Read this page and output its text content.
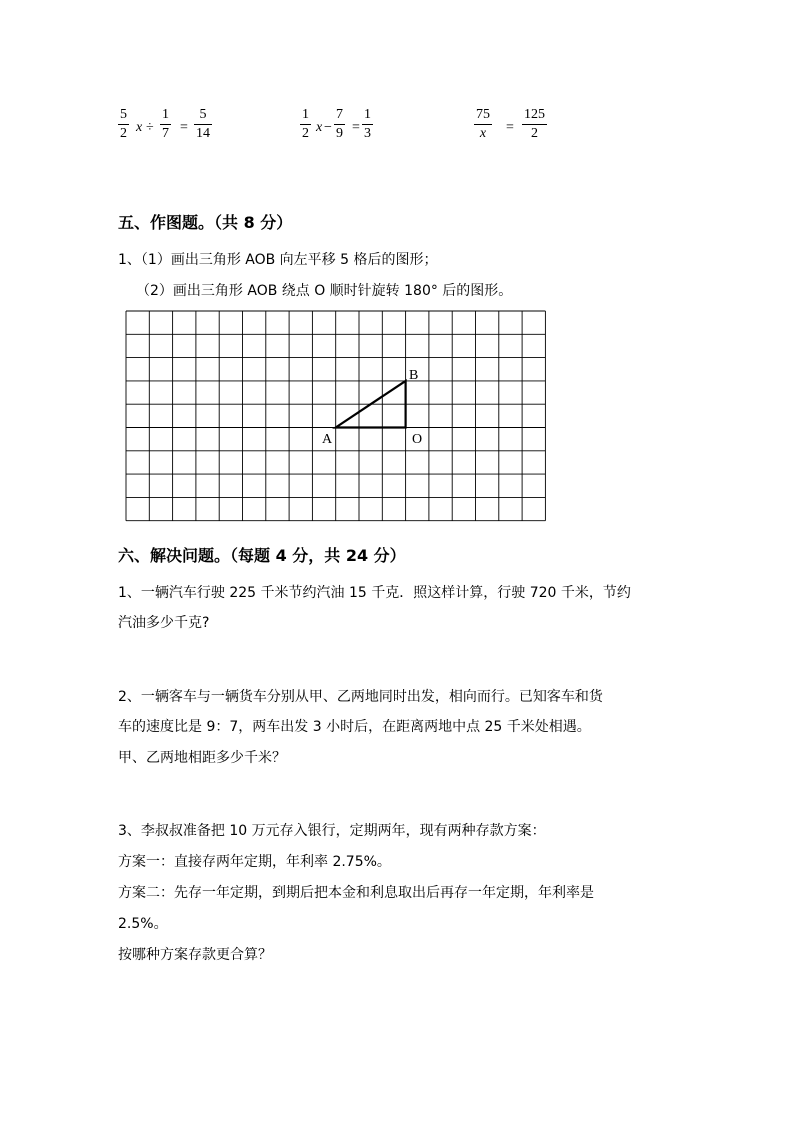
$\frac{5}{2}$ $x \div \frac{1}{7} = \frac{5}{14}$	$\frac{1}{2}$ $x - \frac{7}{9} = \frac{1}{3}$	$\frac{75}{x} = \frac{125}{2}$
五、作图题。（共 8 分）
1、（1）画出三角形 AOB 向左平移 5 格后的图形；
（2）画出三角形 AOB 绕点 O 顺时针旋转 180° 后的图形。
A
B
O
六、解决问题。（每题 4 分，共 24 分）
1、一辆汽车行驶 225 千米节约汽油 15 千克．照这样计算，行驶 720 千米，节约
汽油多少千克?
2、一辆客车与一辆货车分别从甲、乙两地同时出发，相向而行。已知客车和货
车的速度比是 9：7，两车出发 3 小时后，在距离两地中点 25 千米处相遇。
甲、乙两地相距多少千米？
3、李叔叔准备把 10 万元存入银行，定期两年，现有两种存款方案：
方案一：直接存两年定期，年利率 2.75%。
方案二：先存一年定期，到期后把本金和利息取出后再存一年定期，年利率是
2.5%。
按哪种方案存款更合算？
